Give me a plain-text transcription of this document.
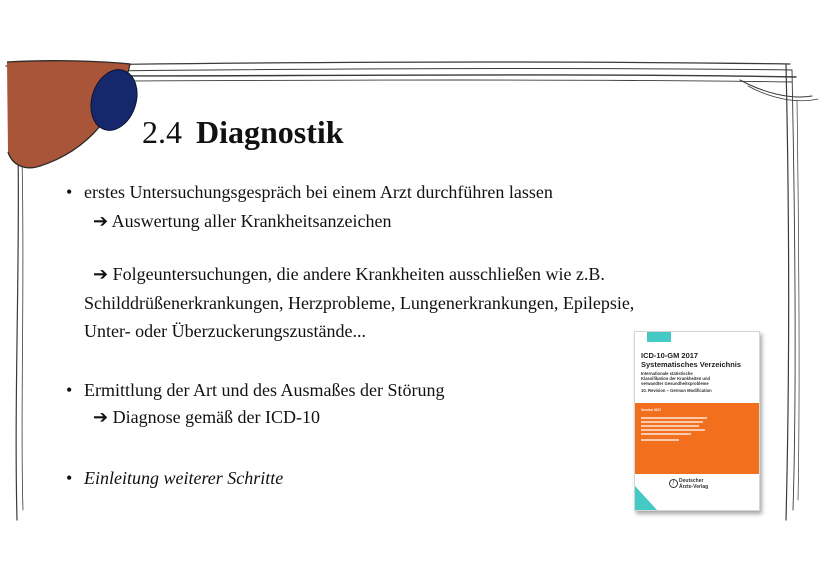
2.4 Diagnostik
• erstes Untersuchungsgespräch bei einem Arzt durchführen lassen
➔ Auswertung aller Krankheitsanzeichen
➔ Folgeuntersuchungen, die andere Krankheiten ausschließen wie z.B.
Schilddrüßenerkrankungen, Herzprobleme, Lungenerkrankungen, Epilepsie,
Unter- oder Überzuckerungszustände...
• Ermittlung der Art und des Ausmaßes der Störung
➔ Diagnose gemäß der ICD-10
• Einleitung weiterer Schritte
ICD-10-GM 2017
Systematisches Verzeichnis
Internationale statistische
Klassifikation der Krankheiten und
verwandter Gesundheitsprobleme
10. Revision – German Modification
Version 2017
ƒ Deutscher
Ärzte-Verlag
